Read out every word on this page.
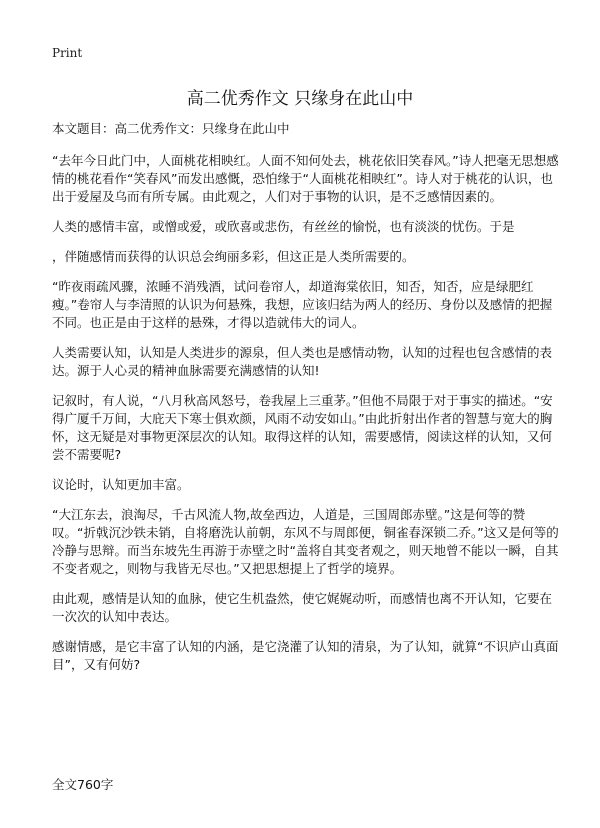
Print
高二优秀作文 只缘身在此山中

本文题目：高二优秀作文：只缘身在此山中

“去年今日此门中，人面桃花相映红。人面不知何处去，桃花依旧笑春风。”诗人把毫无思想感情的桃花看作“笑春风”而发出感慨，恐怕缘于“人面桃花相映红”。诗人对于桃花的认识，也出于爱屋及乌而有所专属。由此观之，人们对于事物的认识，是不乏感情因素的。

人类的感情丰富，或憎或爱，或欣喜或悲伤，有丝丝的愉悦，也有淡淡的忧伤。于是

，伴随感情而获得的认识总会绚丽多彩，但这正是人类所需要的。

“昨夜雨疏风骤，浓睡不消残酒，试问卷帘人，却道海棠依旧，知否，知否，应是绿肥红瘦。”卷帘人与李清照的认识为何悬殊，我想，应该归结为两人的经历、身份以及感情的把握不同。也正是由于这样的悬殊，才得以造就伟大的词人。

人类需要认知，认知是人类进步的源泉，但人类也是感情动物，认知的过程也包含感情的表达。源于人心灵的精神血脉需要充满感情的认知!

记叙时，有人说，“八月秋高风怒号，卷我屋上三重茅。”但他不局限于对于事实的描述。“安得广厦千万间，大庇天下寒士俱欢颜，风雨不动安如山。”由此折射出作者的智慧与宽大的胸怀，这无疑是对事物更深层次的认知。取得这样的认知，需要感情，阅读这样的认知，又何尝不需要呢?

议论时，认知更加丰富。

“大江东去，浪淘尽，千古风流人物,故垒西边，人道是，三国周郎赤壁。”这是何等的赞叹。“折戟沉沙铁未销，自将磨洗认前朝，东风不与周郎便，铜雀春深锁二乔。”这又是何等的冷静与思辩。而当东坡先生再游于赤壁之时“盖将自其变者观之，则天地曾不能以一瞬，自其不变者观之，则物与我皆无尽也。”又把思想提上了哲学的境界。

由此观，感情是认知的血脉，使它生机盎然，使它娓娓动听，而感情也离不开认知，它要在一次次的认知中表达。

感谢情感，是它丰富了认知的内涵，是它浇灌了认知的清泉，为了认知，就算“不识庐山真面目”，又有何妨?

全文760字
